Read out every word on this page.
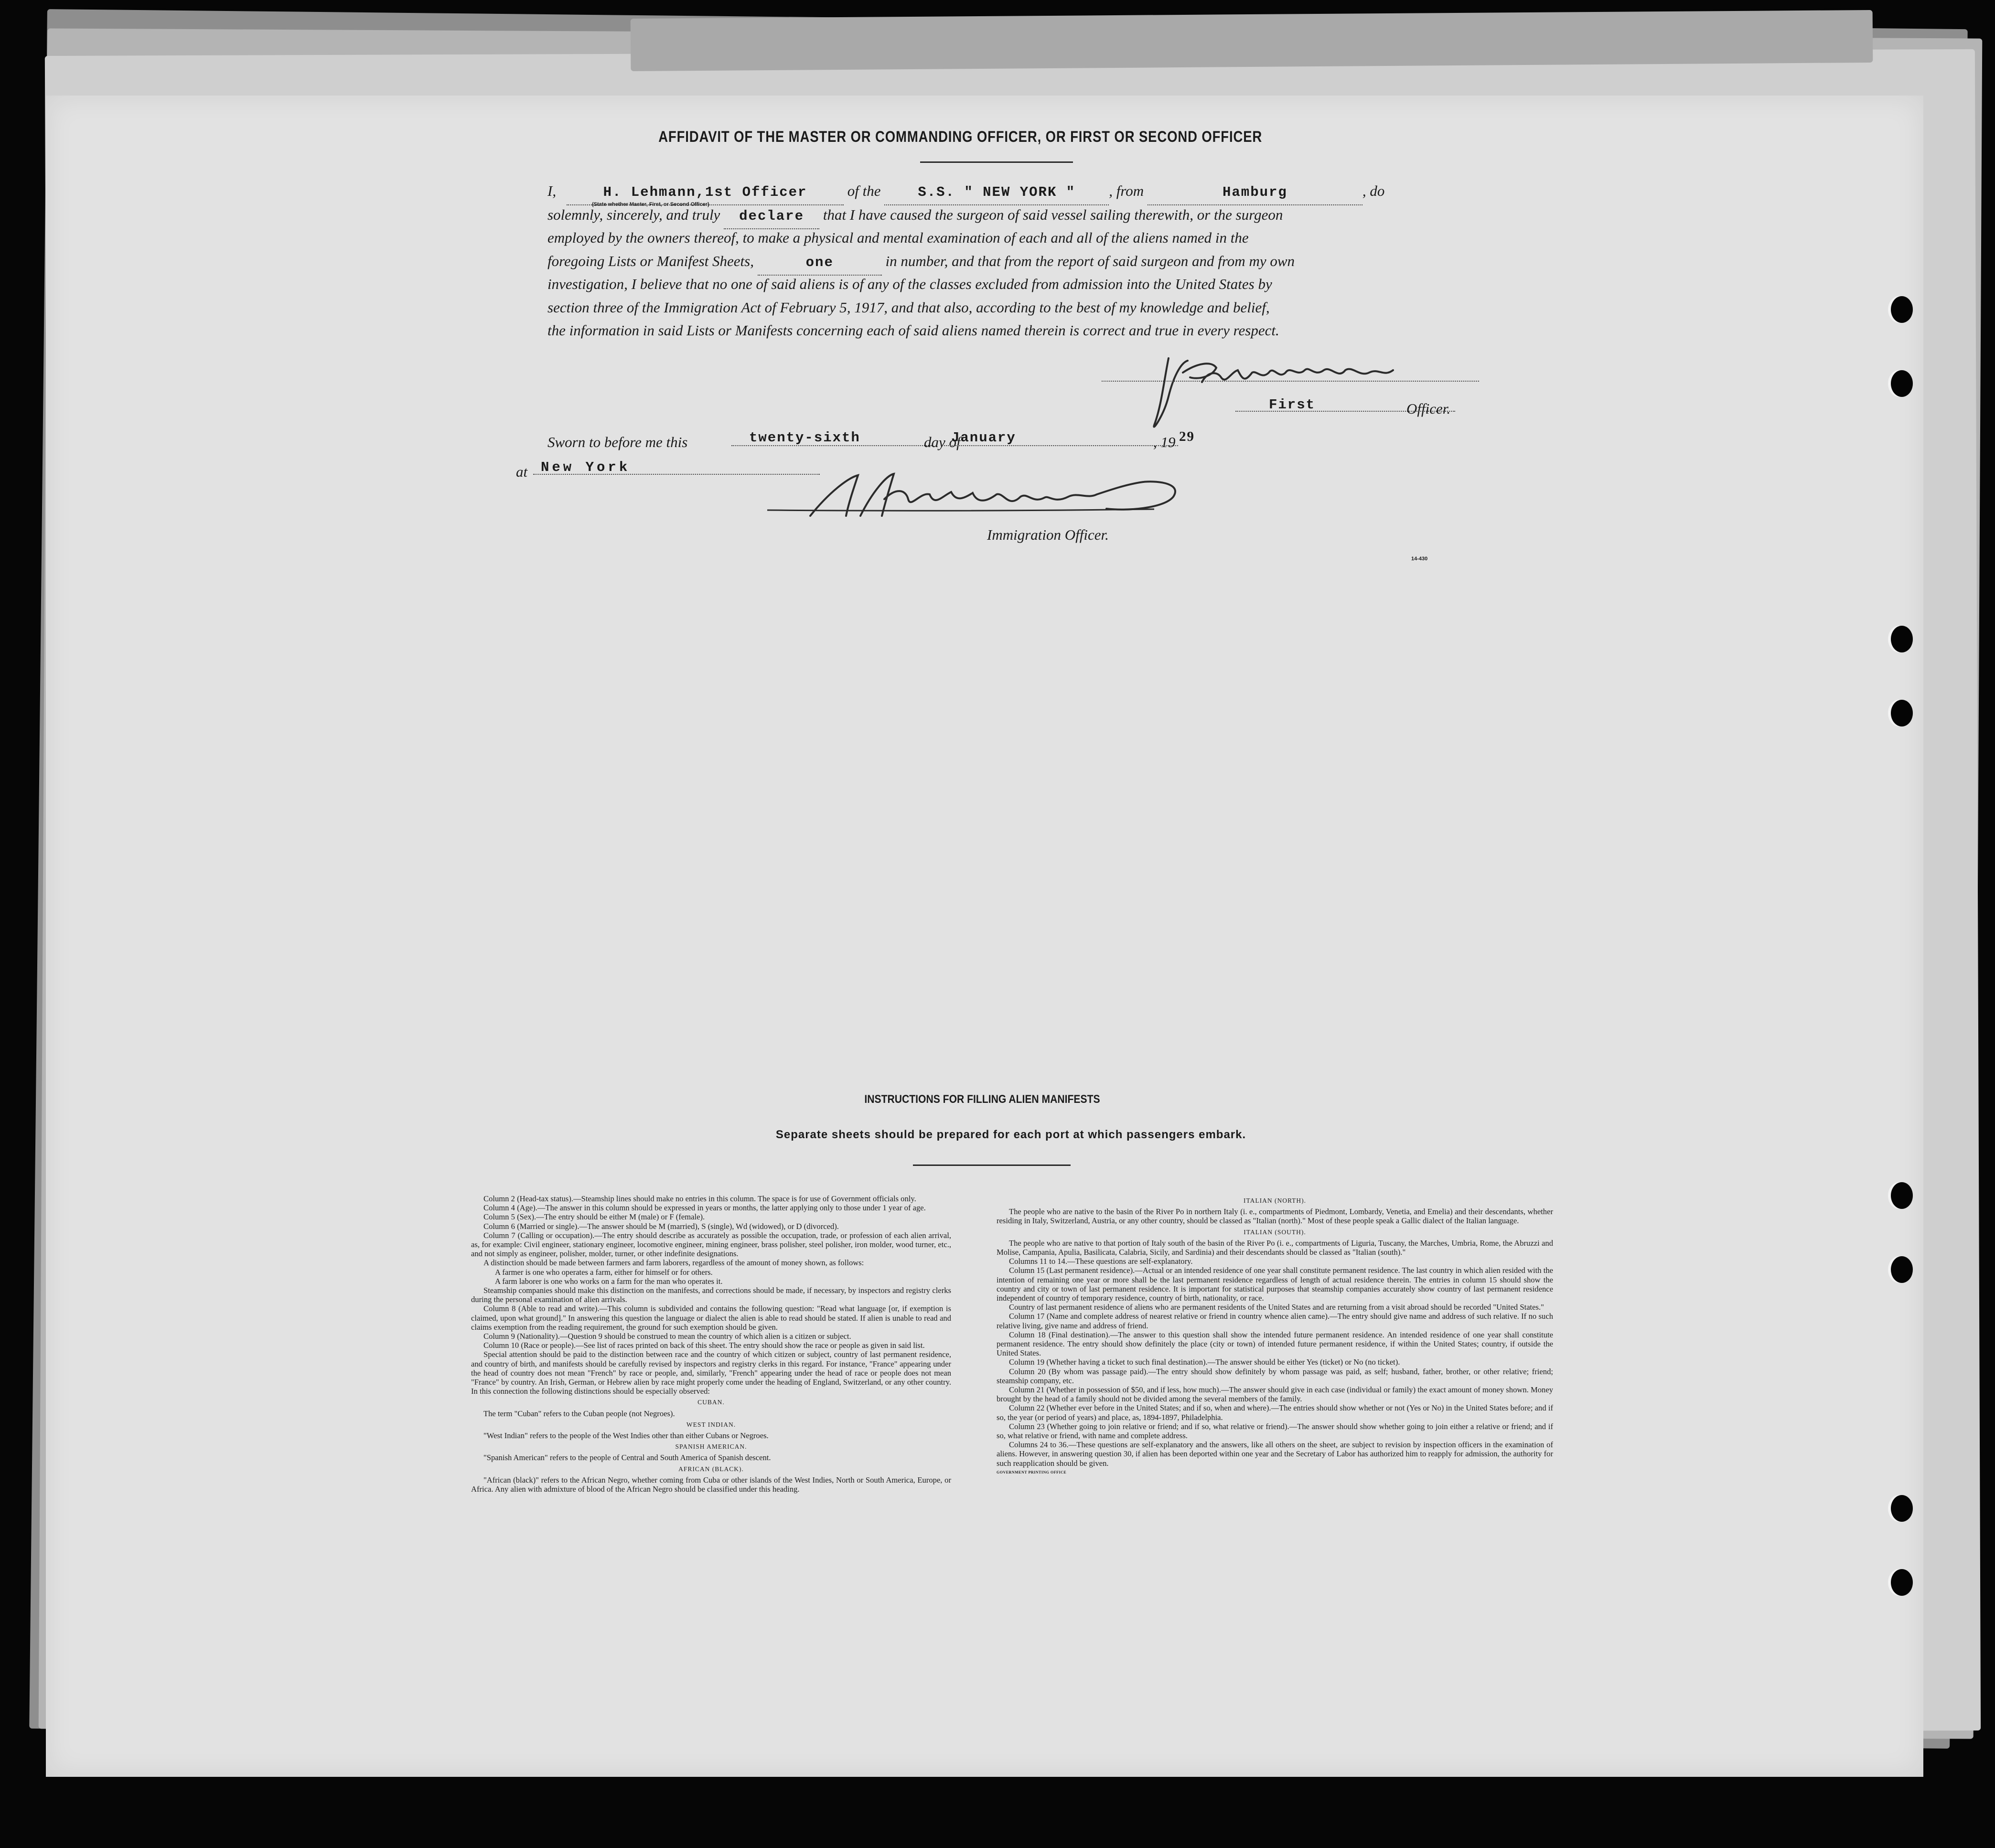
AFFIDAVIT OF THE MASTER OR COMMANDING OFFICER, OR FIRST OR SECOND OFFICER
I,	H. Lehmann,1st Officer	of the	S.S. " NEW YORK " , from	Hamburg	, do
(State whether Master, First, or Second Officer)
solemnly, sincerely, and truly declare that I have caused the surgeon of said vessel sailing therewith, or the surgeon
employed by the owners thereof, to make a physical and mental examination of each and all of the aliens named in the
foregoing Lists or Manifest Sheets,	one	in number, and that from the report of said surgeon and from my own
investigation, I believe that no one of said aliens is of any of the classes excluded from admission into the United States by
section three of the Immigration Act of February 5, 1917, and that also, according to the best of my knowledge and belief,
the information in said Lists or Manifests concerning each of said aliens named therein is correct and true in every respect.
First	Officer.
Sworn to before me this	twenty-sixth	day of
January	, 19 29
at New York
Immigration Officer.
14-430
INSTRUCTIONS FOR FILLING ALIEN MANIFESTS
Separate sheets should be prepared for each port at which passengers embark.

Column 2 (Head-tax status).—Steamship lines should make no entries in this column. The space is for use of Government officials only.

Column 4 (Age).—The answer in this column should be expressed in years or months, the latter applying only to those under 1 year of age.

Column 5 (Sex).—The entry should be either M (male) or F (female).

Column 6 (Married or single).—The answer should be M (married), S (single), Wd (widowed), or D (divorced).

Column 7 (Calling or occupation).—The entry should describe as accurately as possible the occupation, trade, or profession of each alien arrival, as, for example: Civil engineer, stationary engineer, locomotive engineer, mining engineer, brass polisher, steel polisher, iron molder, wood turner, etc., and not simply as engineer, polisher, molder, turner, or other indefinite designations.

A distinction should be made between farmers and farm laborers, regardless of the amount of money shown, as follows:

A farmer is one who operates a farm, either for himself or for others.

A farm laborer is one who works on a farm for the man who operates it.

Steamship companies should make this distinction on the manifests, and corrections should be made, if necessary, by inspectors and registry clerks during the personal examination of alien arrivals.

Column 8 (Able to read and write).—This column is subdivided and contains the following question: "Read what language [or, if exemption is claimed, upon what ground]." In answering this question the language or dialect the alien is able to read should be stated. If alien is unable to read and claims exemption from the reading requirement, the ground for such exemption should be given.

Column 9 (Nationality).—Question 9 should be construed to mean the country of which alien is a citizen or subject.

Column 10 (Race or people).—See list of races printed on back of this sheet. The entry should show the race or people as given in said list.

Special attention should be paid to the distinction between race and the country of which citizen or subject, country of last permanent residence, and country of birth, and manifests should be carefully revised by inspectors and registry clerks in this regard. For instance, "France" appearing under the head of country does not mean "French" by race or people, and, similarly, "French" appearing under the head of race or people does not mean "France" by country. An Irish, German, or Hebrew alien by race might properly come under the heading of England, Switzerland, or any other country. In this connection the following distinctions should be especially observed:

CUBAN.

The term "Cuban" refers to the Cuban people (not Negroes).

WEST INDIAN.

"West Indian" refers to the people of the West Indies other than either Cubans or Negroes.

SPANISH AMERICAN.

"Spanish American" refers to the people of Central and South America of Spanish descent.

AFRICAN (BLACK).

"African (black)" refers to the African Negro, whether coming from Cuba or other islands of the West Indies, North or South America, Europe, or Africa. Any alien with admixture of blood of the African Negro should be classified under this heading.

ITALIAN (NORTH).

The people who are native to the basin of the River Po in northern Italy (i. e., compartments of Piedmont, Lombardy, Venetia, and Emelia) and their descendants, whether residing in Italy, Switzerland, Austria, or any other country, should be classed as "Italian (north)." Most of these people speak a Gallic dialect of the Italian language.

ITALIAN (SOUTH).

The people who are native to that portion of Italy south of the basin of the River Po (i. e., compartments of Liguria, Tuscany, the Marches, Umbria, Rome, the Abruzzi and Molise, Campania, Apulia, Basilicata, Calabria, Sicily, and Sardinia) and their descendants should be classed as "Italian (south)."

Columns 11 to 14.—These questions are self-explanatory.

Column 15 (Last permanent residence).—Actual or an intended residence of one year shall constitute permanent residence. The last country in which alien resided with the intention of remaining one year or more shall be the last permanent residence regardless of length of actual residence therein. The entries in column 15 should show the country and city or town of last permanent residence. It is important for statistical purposes that steamship companies accurately show country of last permanent residence independent of country of temporary residence, country of birth, nationality, or race.

Country of last permanent residence of aliens who are permanent residents of the United States and are returning from a visit abroad should be recorded "United States."

Column 17 (Name and complete address of nearest relative or friend in country whence alien came).—The entry should give name and address of such relative. If no such relative living, give name and address of friend.

Column 18 (Final destination).—The answer to this question shall show the intended future permanent residence. An intended residence of one year shall constitute permanent residence. The entry should show definitely the place (city or town) of intended future permanent residence, if within the United States; country, if outside the United States.

Column 19 (Whether having a ticket to such final destination).—The answer should be either Yes (ticket) or No (no ticket).

Column 20 (By whom was passage paid).—The entry should show definitely by whom passage was paid, as self; husband, father, brother, or other relative; friend; steamship company, etc.

Column 21 (Whether in possession of $50, and if less, how much).—The answer should give in each case (individual or family) the exact amount of money shown. Money brought by the head of a family should not be divided among the several members of the family.

Column 22 (Whether ever before in the United States; and if so, when and where).—The entries should show whether or not (Yes or No) in the United States before; and if so, the year (or period of years) and place, as, 1894-1897, Philadelphia.

Column 23 (Whether going to join relative or friend; and if so, what relative or friend).—The answer should show whether going to join either a relative or friend; and if so, what relative or friend, with name and complete address.

Columns 24 to 36.—These questions are self-explanatory and the answers, like all others on the sheet, are subject to revision by inspection officers in the examination of aliens. However, in answering question 30, if alien has been deported within one year and the Secretary of Labor has authorized him to reapply for admission, the authority for such reapplication should be given.

GOVERNMENT PRINTING OFFICE
